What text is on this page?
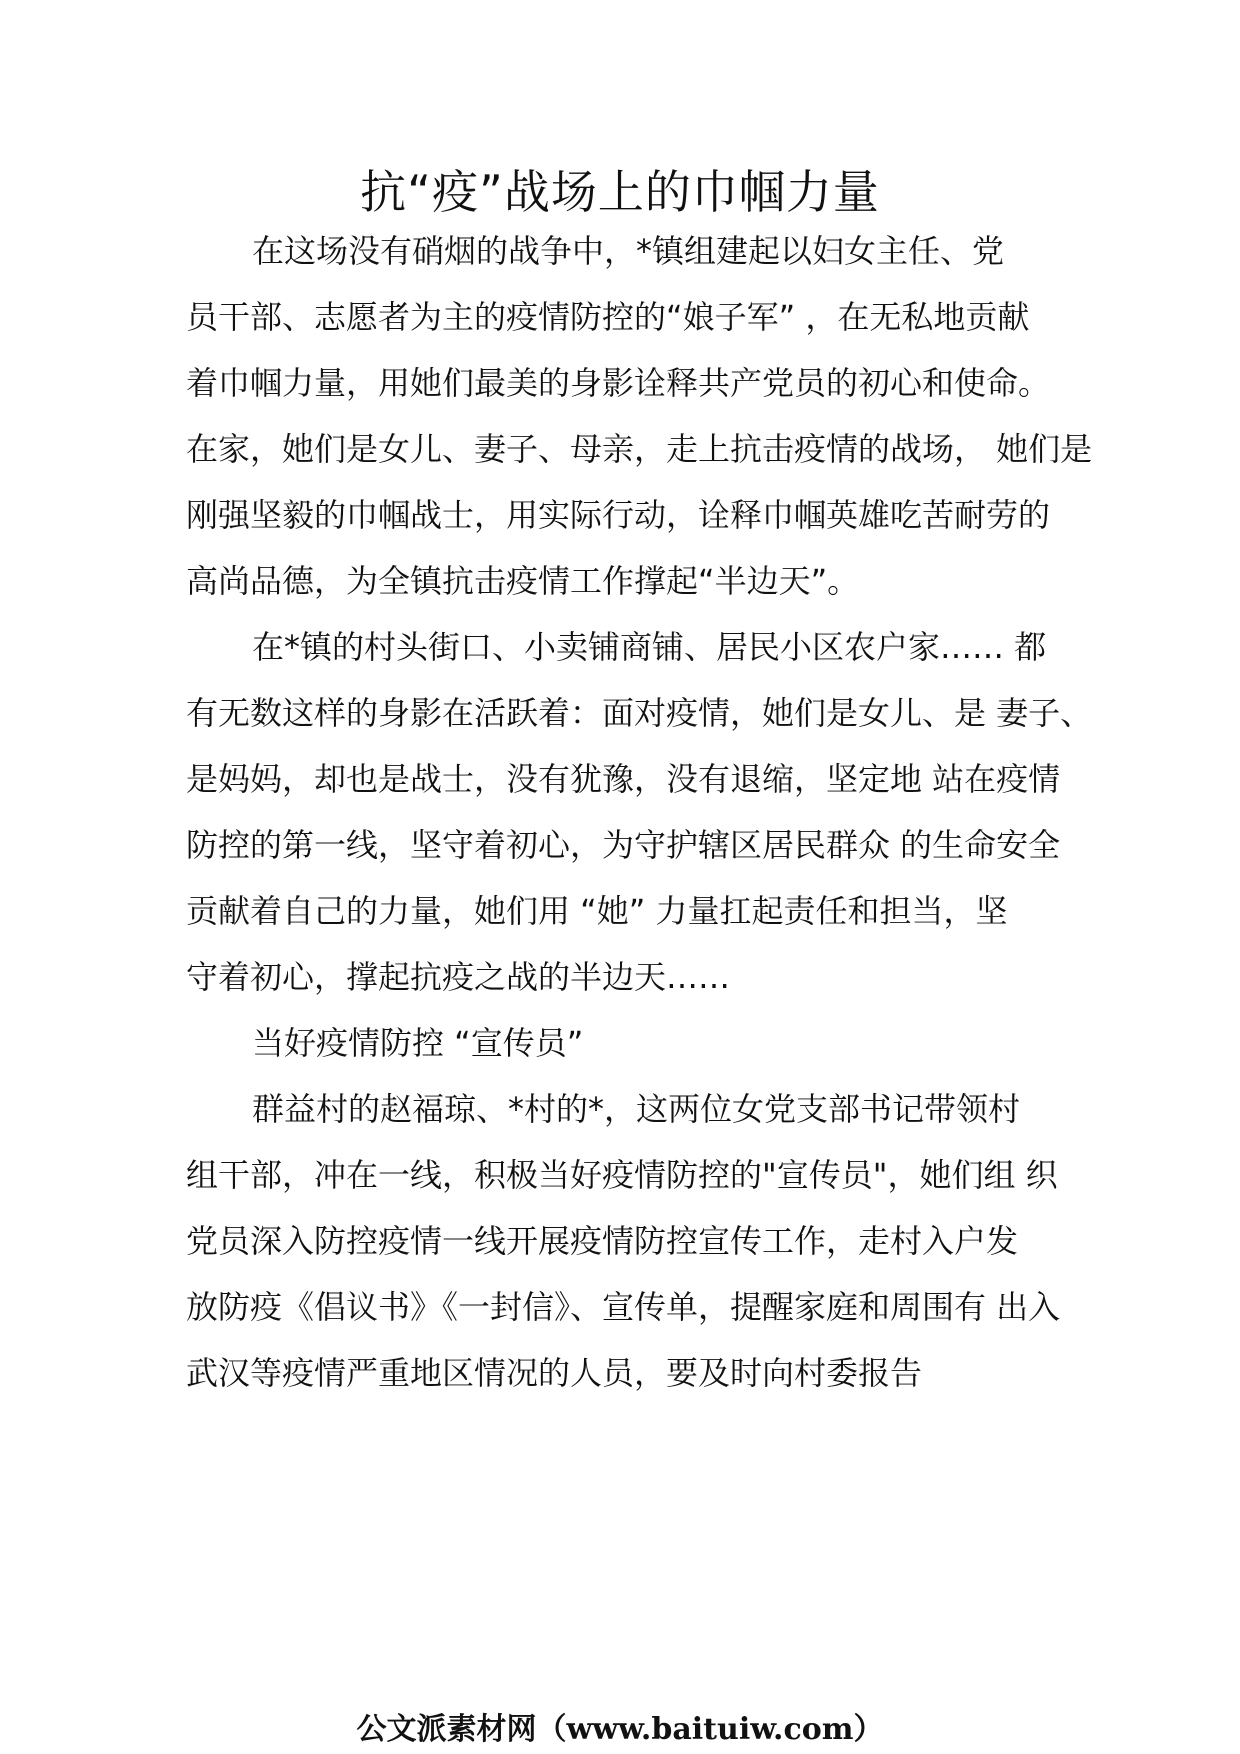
抗“疫”战场上的巾帼力量
在这场没有硝烟的战争中，*镇组建起以妇女主任、党
员干部、志愿者为主的疫情防控的“娘子军” ，在无私地贡献
着巾帼力量，用她们最美的身影诠释共产党员的初心和使命。
在家，她们是女儿、妻子、母亲，走上抗击疫情的战场， 她们是
刚强坚毅的巾帼战士，用实际行动，诠释巾帼英雄吃苦耐劳的
高尚品德，为全镇抗击疫情工作撑起“半边天”。
在*镇的村头街口、小卖铺商铺、居民小区农户家…… 都
有无数这样的身影在活跃着：面对疫情，她们是女儿、是 妻子、
是妈妈，却也是战士，没有犹豫，没有退缩，坚定地 站在疫情
防控的第一线，坚守着初心，为守护辖区居民群众 的生命安全
贡献着自己的力量，她们用 “她” 力量扛起责任和担当，坚
守着初心，撑起抗疫之战的半边天……
当好疫情防控 “宣传员”
群益村的赵福琼、*村的*，这两位女党支部书记带领村
组干部，冲在一线，积极当好疫情防控的"宣传员"，她们组 织
党员深入防控疫情一线开展疫情防控宣传工作，走村入户发
放防疫《倡议书》《一封信》、宣传单，提醒家庭和周围有 出入
武汉等疫情严重地区情况的人员，要及时向村委报告
公文派素材网（www.baituiw.com）
